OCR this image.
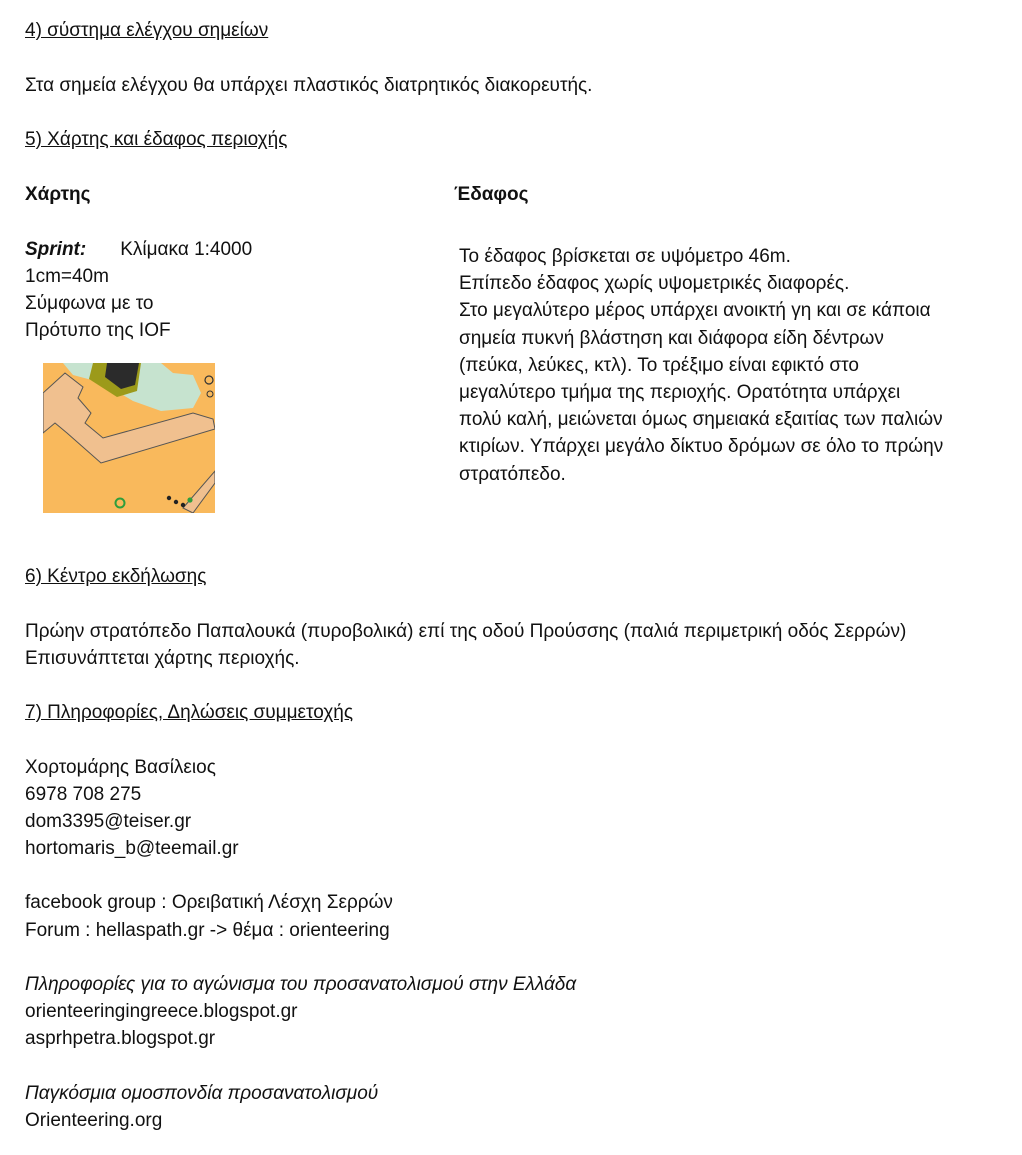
4) σύστημα ελέγχου σημείων
Στα σημεία ελέγχου θα υπάρχει πλαστικός διατρητικός διακορευτής.
5) Χάρτης και έδαφος περιοχής
Χάρτης	Έδαφος
Sprint: Κλίμακα 1:4000
1cm=40m
Σύμφωνα με το
Πρότυπο της IOF
Το έδαφος βρίσκεται σε υψόμετρο 46m.
Επίπεδο έδαφος χωρίς υψομετρικές διαφορές.
Στο μεγαλύτερο μέρος υπάρχει ανοικτή γη και σε κάποια
σημεία πυκνή βλάστηση και διάφορα είδη δέντρων
(πεύκα, λεύκες, κτλ). Το τρέξιμο είναι εφικτό στο
μεγαλύτερο τμήμα της περιοχής. Ορατότητα υπάρχει
πολύ καλή, μειώνεται όμως σημειακά εξαιτίας των παλιών
κτιρίων. Υπάρχει μεγάλο δίκτυο δρόμων σε όλο το πρώην
στρατόπεδο.
6) Κέντρο εκδήλωσης
Πρώην στρατόπεδο Παπαλουκά (πυροβολικά) επί της οδού Προύσσης (παλιά περιμετρική οδός Σερρών)
Επισυνάπτεται χάρτης περιοχής.
7) Πληροφορίες, Δηλώσεις συμμετοχής
Χορτομάρης Βασίλειος
6978 708 275
dom3395@teiser.gr
hortomaris_b@teemail.gr
facebook group : Ορειβατική Λέσχη Σερρών
Forum : hellaspath.gr -> θέμα : orienteering
Πληροφορίες για το αγώνισμα του προσανατολισμού στην Ελλάδα
orienteeringingreece.blogspot.gr
asprhpetra.blogspot.gr
Παγκόσμια ομοσπονδία προσανατολισμού
Orienteering.org
